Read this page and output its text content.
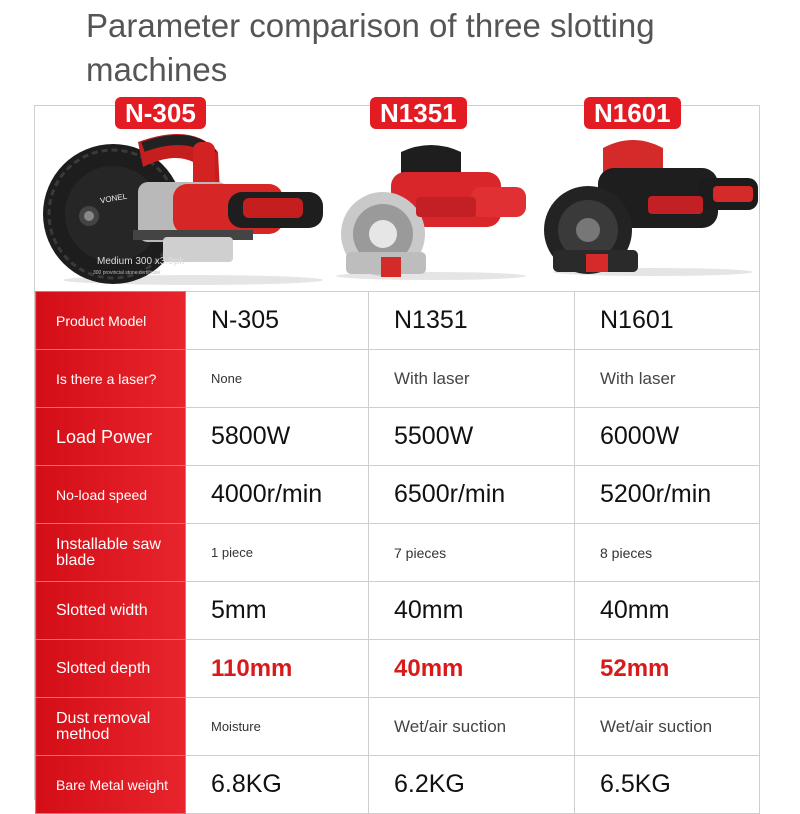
Parameter comparison of three slotting machines
VONEL
Medium 300 x3.9pk
300 provincial stone certificate
N-305	N1351	N1601
Product Model	N-305	N1351	N1601
Is there a laser?	None	With laser	With laser
Load Power	5800W	5500W	6000W
No-load speed	4000r/min	6500r/min	5200r/min
Installable saw blade	1 piece	7 pieces	8 pieces
Slotted width	5mm	40mm	40mm
Slotted depth	110mm	40mm	52mm
Dust removal method	Moisture	Wet/air suction	Wet/air suction
Bare Metal weight	6.8KG	6.2KG	6.5KG
